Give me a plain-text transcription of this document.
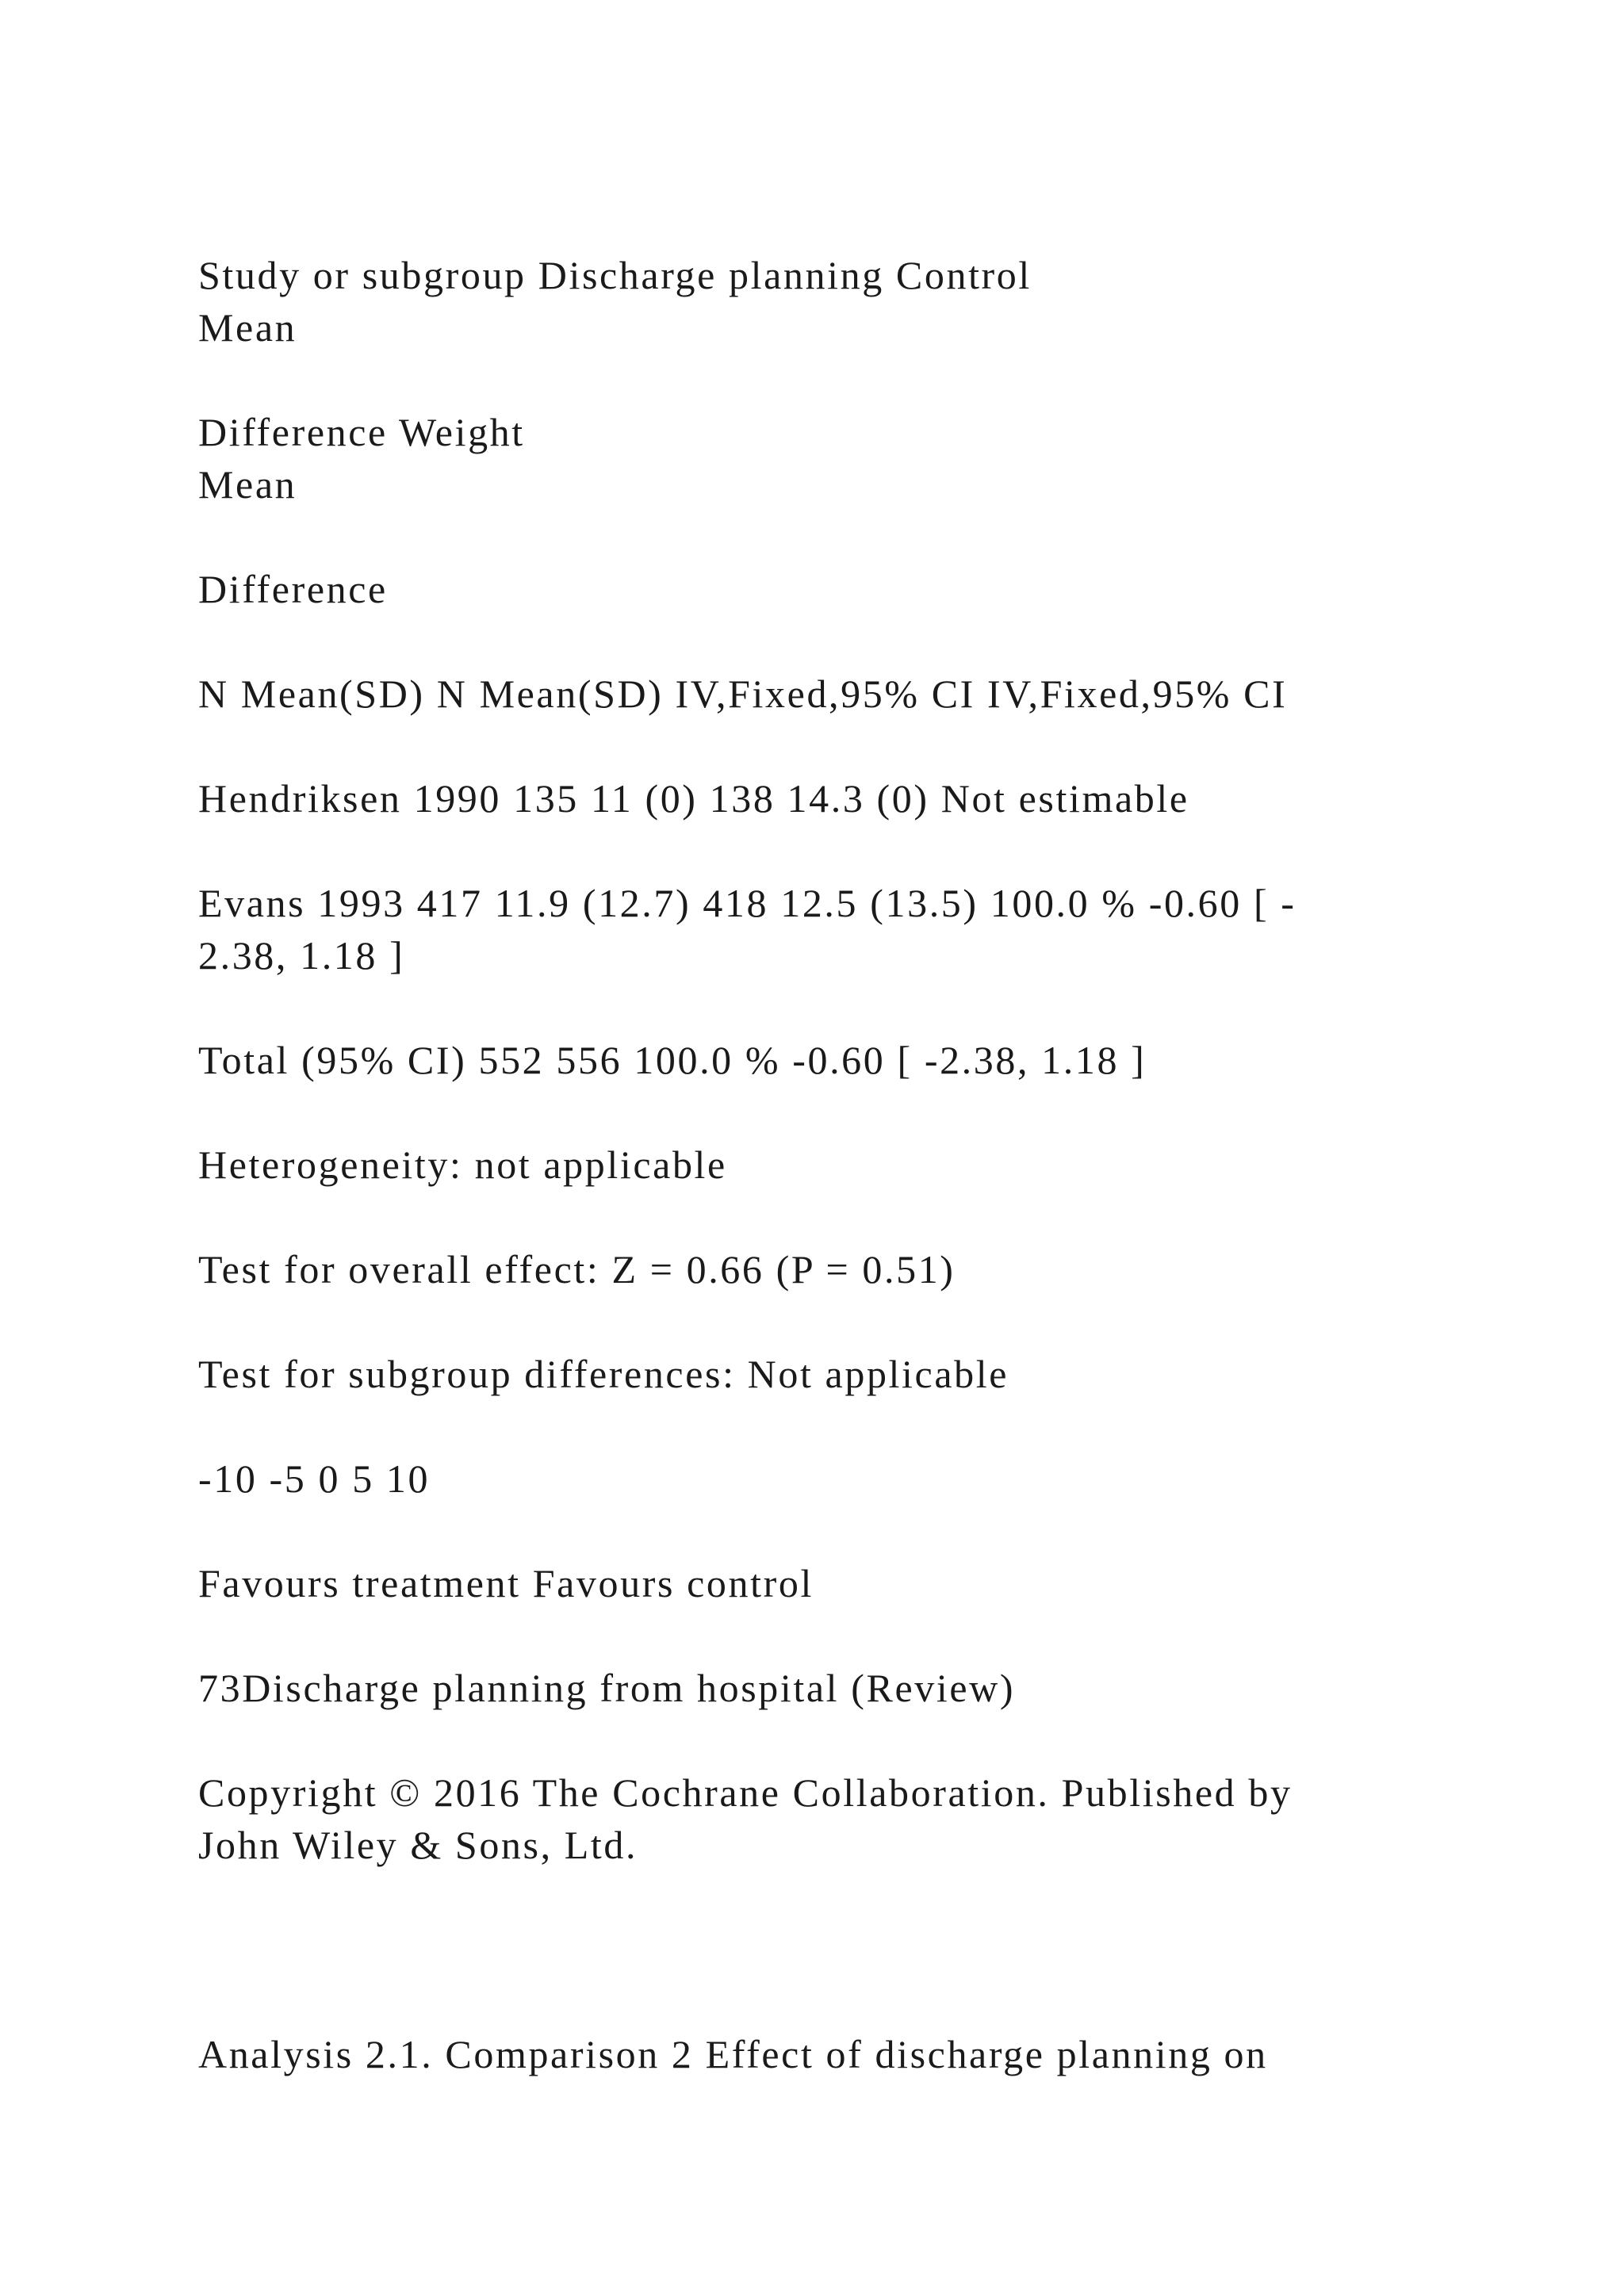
Study or subgroup Discharge planning Control
Mean
Difference Weight
Mean
Difference
N Mean(SD) N Mean(SD) IV,Fixed,95% CI IV,Fixed,95% CI
Hendriksen 1990 135 11 (0) 138 14.3 (0) Not estimable
Evans 1993 417 11.9 (12.7) 418 12.5 (13.5) 100.0 % -0.60 [ -
2.38, 1.18 ]
Total (95% CI) 552 556 100.0 % -0.60 [ -2.38, 1.18 ]
Heterogeneity: not applicable
Test for overall effect: Z = 0.66 (P = 0.51)
Test for subgroup differences: Not applicable
-10 -5 0 5 10
Favours treatment Favours control
73Discharge planning from hospital (Review)
Copyright © 2016 The Cochrane Collaboration. Published by
John Wiley & Sons, Ltd.
Analysis 2.1. Comparison 2 Effect of discharge planning on
